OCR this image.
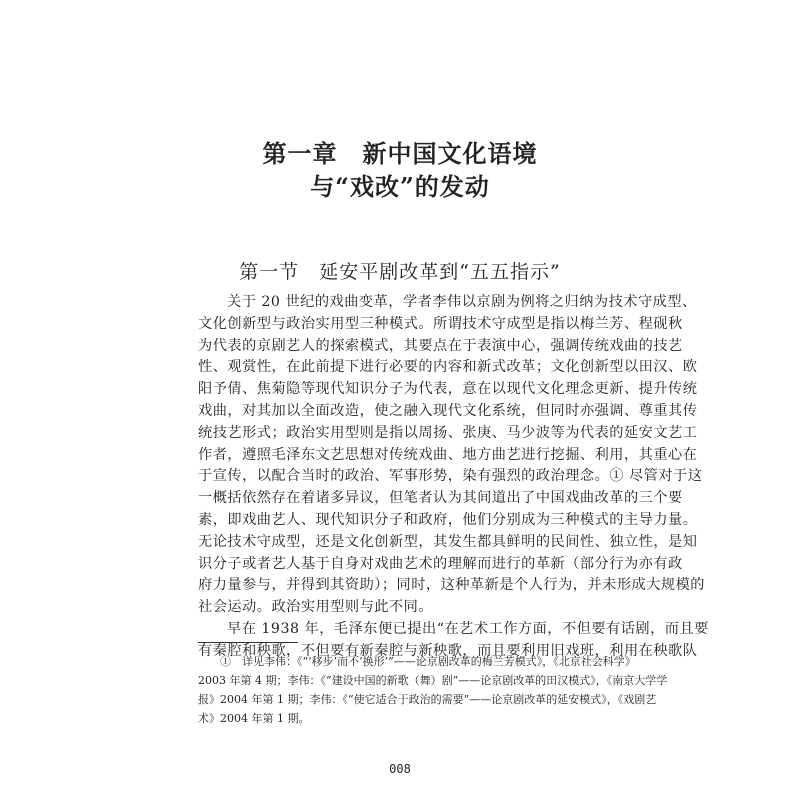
第一章　新中国文化语境
与“戏改”的发动
第一节　延安平剧改革到“五五指示”
关于 20 世纪的戏曲变革，学者李伟以京剧为例将之归纳为技术守成型、
文化创新型与政治实用型三种模式。所谓技术守成型是指以梅兰芳、程砚秋
为代表的京剧艺人的探索模式，其要点在于表演中心，强调传统戏曲的技艺
性、观赏性，在此前提下进行必要的内容和新式改革；文化创新型以田汉、欧
阳予倩、焦菊隐等现代知识分子为代表，意在以现代文化理念更新、提升传统
戏曲，对其加以全面改造，使之融入现代文化系统，但同时亦强调、尊重其传
统技艺形式；政治实用型则是指以周扬、张庚、马少波等为代表的延安文艺工
作者，遵照毛泽东文艺思想对传统戏曲、地方曲艺进行挖掘、利用，其重心在
于宣传，以配合当时的政治、军事形势，染有强烈的政治理念。① 尽管对于这
一概括依然存在着诸多异议，但笔者认为其间道出了中国戏曲改革的三个要
素，即戏曲艺人、现代知识分子和政府，他们分别成为三种模式的主导力量。
无论技术守成型，还是文化创新型，其发生都具鲜明的民间性、独立性，是知
识分子或者艺人基于自身对戏曲艺术的理解而进行的革新（部分行为亦有政
府力量参与，并得到其资助）；同时，这种革新是个人行为，并未形成大规模的
社会运动。政治实用型则与此不同。
早在 1938 年，毛泽东便已提出“在艺术工作方面，不但要有话剧，而且要
有秦腔和秧歌，不但要有新秦腔与新秧歌，而且要利用旧戏班，利用在秧歌队
①　详见李伟：《“‘移步’而不‘换形’”——论京剧改革的梅兰芳模式》，《北京社会科学》
2003 年第 4 期；李伟：《“建设中国的新歌（舞）剧”——论京剧改革的田汉模式》，《南京大学学
报》2004 年第 1 期；李伟：《“使它适合于政治的需要”——论京剧改革的延安模式》，《戏剧艺
术》2004 年第 1 期。
008
